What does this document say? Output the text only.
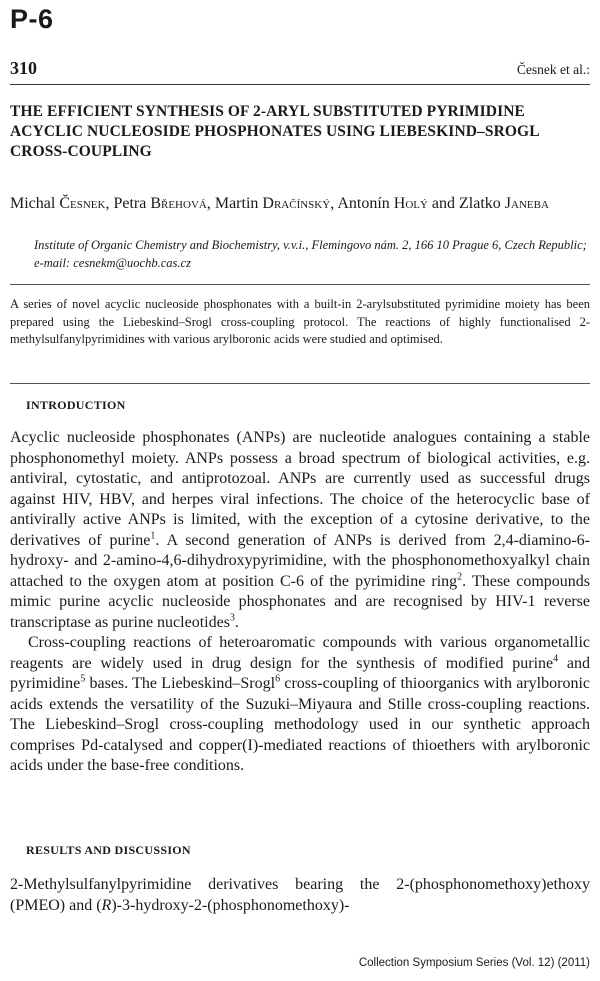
P-6
310	Česnek et al.:
THE EFFICIENT SYNTHESIS OF 2-ARYL SUBSTITUTED PYRIMIDINE ACYCLIC NUCLEOSIDE PHOSPHONATES USING LIEBESKIND–SROGL CROSS-COUPLING
Michal Česnek, Petra Břehová, Martin Dračínský, Antonín Holý and Zlatko Janeba
Institute of Organic Chemistry and Biochemistry, v.v.i., Flemingovo nám. 2, 166 10 Prague 6, Czech Republic; e-mail: cesnekm@uochb.cas.cz
A series of novel acyclic nucleoside phosphonates with a built-in 2-arylsubstituted pyrimidine moiety has been prepared using the Liebeskind–Srogl cross-coupling protocol. The reactions of highly functionalised 2-methylsulfanylpyrimidines with various arylboronic acids were studied and optimised.
INTRODUCTION

Acyclic nucleoside phosphonates (ANPs) are nucleotide analogues containing a stable phosphonomethyl moiety. ANPs possess a broad spectrum of biological activities, e.g. antiviral, cytostatic, and antiprotozoal. ANPs are currently used as successful drugs against HIV, HBV, and herpes viral infections. The choice of the heterocyclic base of antivirally active ANPs is limited, with the exception of a cytosine derivative, to the derivatives of purine$^1$. A second generation of ANPs is derived from 2,4-diamino-6-hydroxy- and 2-amino-4,6-dihydroxypyrimidine, with the phosphonomethoxyalkyl chain attached to the oxygen atom at position C-6 of the pyrimidine ring$^2$. These compounds mimic purine acyclic nucleoside phosphonates and are recognised by HIV-1 reverse transcriptase as purine nucleotides$^3$.

Cross-coupling reactions of heteroaromatic compounds with various organometallic reagents are widely used in drug design for the synthesis of modified purine$^4$ and pyrimidine$^5$ bases. The Liebeskind–Srogl$^6$ cross-coupling of thioorganics with arylboronic acids extends the versatility of the Suzuki–Miyaura and Stille cross-coupling reactions. The Liebeskind–Srogl cross-coupling methodology used in our synthetic approach comprises Pd-catalysed and copper(I)-mediated reactions of thioethers with arylboronic acids under the base-free conditions.

RESULTS AND DISCUSSION

2-Methylsulfanylpyrimidine derivatives bearing the 2-(phosphonomethoxy)ethoxy (PMEO) and (R)-3-hydroxy-2-(phosphonomethoxy)-

Collection Symposium Series (Vol. 12) (2011)
